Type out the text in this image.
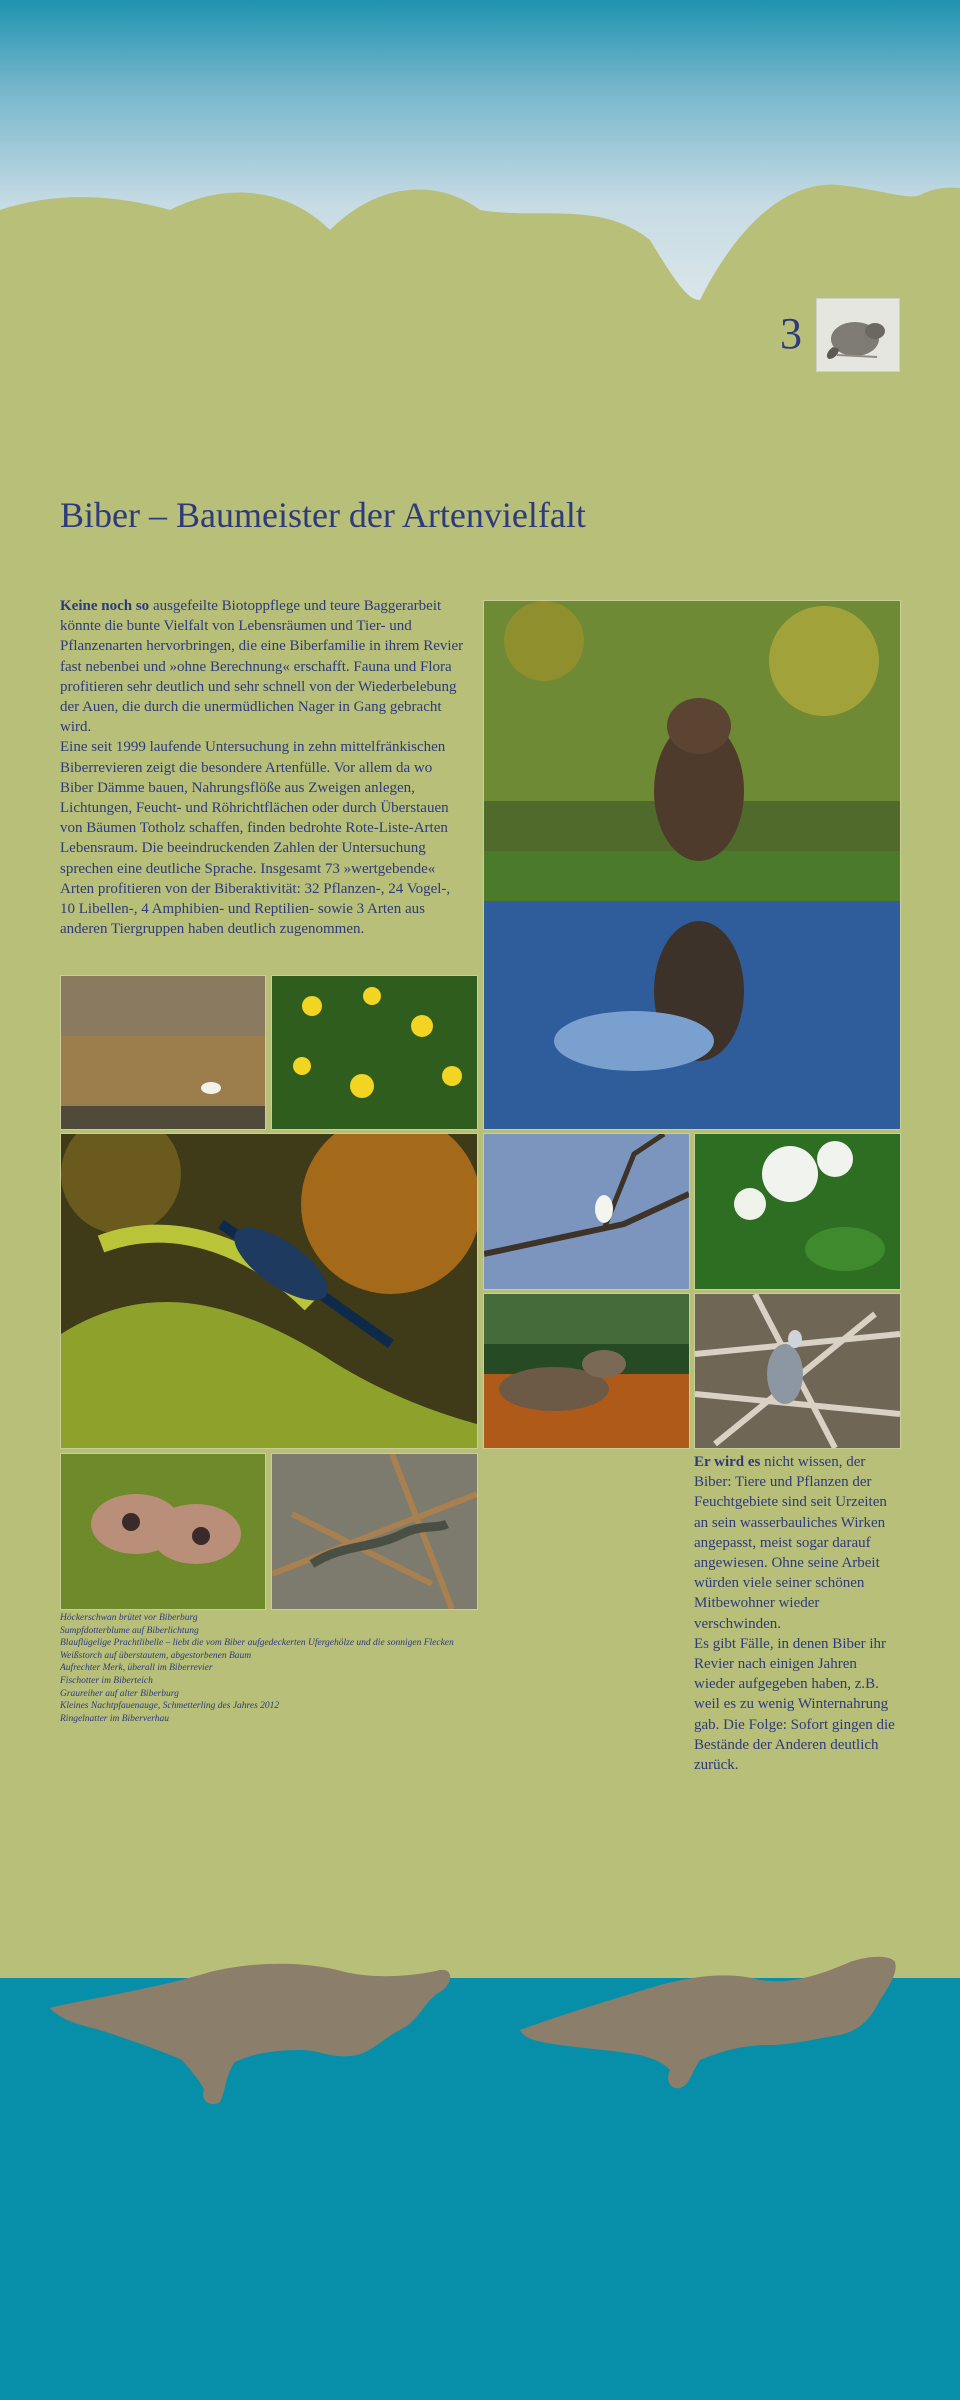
3
Biber – Baumeister der Artenvielfalt
Keine noch so ausgefeilte Biotoppflege und teure Baggerarbeit könnte die bunte Vielfalt von Lebensräumen und Tier- und Pflanzenarten hervorbringen, die eine Biberfamilie in ihrem Revier fast nebenbei und »ohne Berechnung« erschafft. Fauna und Flora profitieren sehr deutlich und sehr schnell von der Wiederbelebung der Auen, die durch die unermüdlichen Nager in Gang gebracht wird.
Eine seit 1999 laufende Untersuchung in zehn mittelfränkischen Biberrevieren zeigt die besondere Artenfülle. Vor allem da wo Biber Dämme bauen, Nahrungsflöße aus Zweigen anlegen, Lichtungen, Feucht- und Röhrichtflächen oder durch Überstauen von Bäumen Totholz schaffen, finden bedrohte Rote-Liste-Arten Lebensraum. Die beeindruckenden Zahlen der Untersuchung sprechen eine deutliche Sprache. Insgesamt 73 »wertgebende« Arten profitieren von der Biberaktivität: 32 Pflanzen-, 24 Vogel-, 10 Libellen-, 4 Amphibien- und Reptilien- sowie 3 Arten aus anderen Tiergruppen haben deutlich zugenommen.
Höckerschwan brütet vor Biberburg
Sumpfdotterblume auf Biberlichtung
Blauflügelige Prachtlibelle – liebt die vom Biber aufgedeckerten Ufergehölze und die sonnigen Flecken
Weißstorch auf überstautem, abgestorbenen Baum
Aufrechter Merk, überall im Biberrevier
Fischotter im Biberteich
Graureiher auf alter Biberburg
Kleines Nachtpfauenauge, Schmetterling des Jahres 2012
Ringelnatter im Biberverhau
Er wird es nicht wissen, der Biber: Tiere und Pflanzen der Feuchtgebiete sind seit Urzeiten an sein wasserbauliches Wirken angepasst, meist sogar darauf angewiesen. Ohne seine Arbeit würden viele seiner schönen Mitbewohner wieder verschwinden.
Es gibt Fälle, in denen Biber ihr Revier nach einigen Jahren wieder aufgegeben haben, z.B. weil es zu wenig Winternahrung gab. Die Folge: Sofort gingen die Bestände der Anderen deutlich zurück.
